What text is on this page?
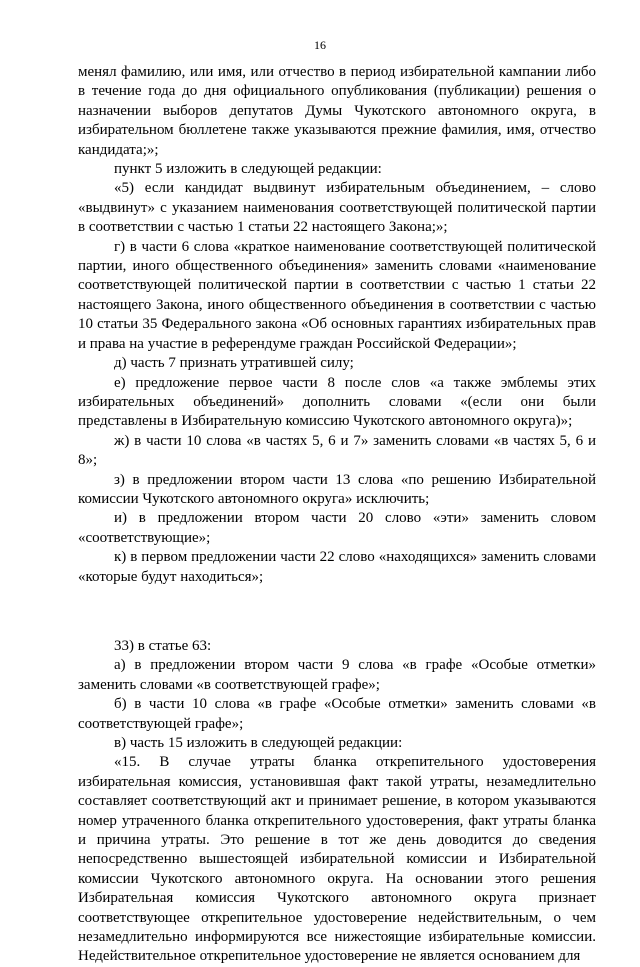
16

менял фамилию, или имя, или отчество в период избирательной кампании либо в течение года до дня официального опубликования (публикации) решения о назначении выборов депутатов Думы Чукотского автономного округа, в избирательном бюллетене также указываются прежние фамилия, имя, отчество кандидата;»;

пункт 5 изложить в следующей редакции:

«5) если кандидат выдвинут избирательным объединением, – слово «выдвинут» с указанием наименования соответствующей политической партии в соответствии с частью 1 статьи 22 настоящего Закона;»;

г) в части 6 слова «краткое наименование соответствующей политической партии, иного общественного объединения» заменить словами «наименование соответствующей политической партии в соответствии с частью 1 статьи 22 настоящего Закона, иного общественного объединения в соответствии с частью 10 статьи 35 Федерального закона «Об основных гарантиях избирательных прав и права на участие в референдуме граждан Российской Федерации»;

д) часть 7 признать утратившей силу;

е) предложение первое части 8 после слов «а также эмблемы этих избирательных объединений» дополнить словами «(если они были представлены в Избирательную комиссию Чукотского автономного округа)»;

ж) в части 10 слова «в частях 5, 6 и 7» заменить словами «в частях 5, 6 и 8»;

з) в предложении втором части 13 слова «по решению Избирательной комиссии Чукотского автономного округа» исключить;

и) в предложении втором части 20 слово «эти» заменить словом «соответствующие»;

к) в первом предложении части 22 слово «находящихся» заменить словами «которые будут находиться»;

33) в статье 63:

а) в предложении втором части 9 слова «в графе «Особые отметки» заменить словами «в соответствующей графе»;

б) в части 10 слова «в графе «Особые отметки» заменить словами «в соответствующей графе»;

в) часть 15 изложить в следующей редакции:

«15. В случае утраты бланка открепительного удостоверения избирательная комиссия, установившая факт такой утраты, незамедлительно составляет соответствующий акт и принимает решение, в котором указываются номер утраченного бланка открепительного удостоверения, факт утраты бланка и причина утраты. Это решение в тот же день доводится до сведения непосредственно вышестоящей избирательной комиссии и Избирательной комиссии Чукотского автономного округа. На основании этого решения Избирательная комиссия Чукотского автономного округа признает соответствующее открепительное удостоверение недействительным, о чем незамедлительно информируются все нижестоящие избирательные комиссии. Недействительное открепительное удостоверение не является основанием для
